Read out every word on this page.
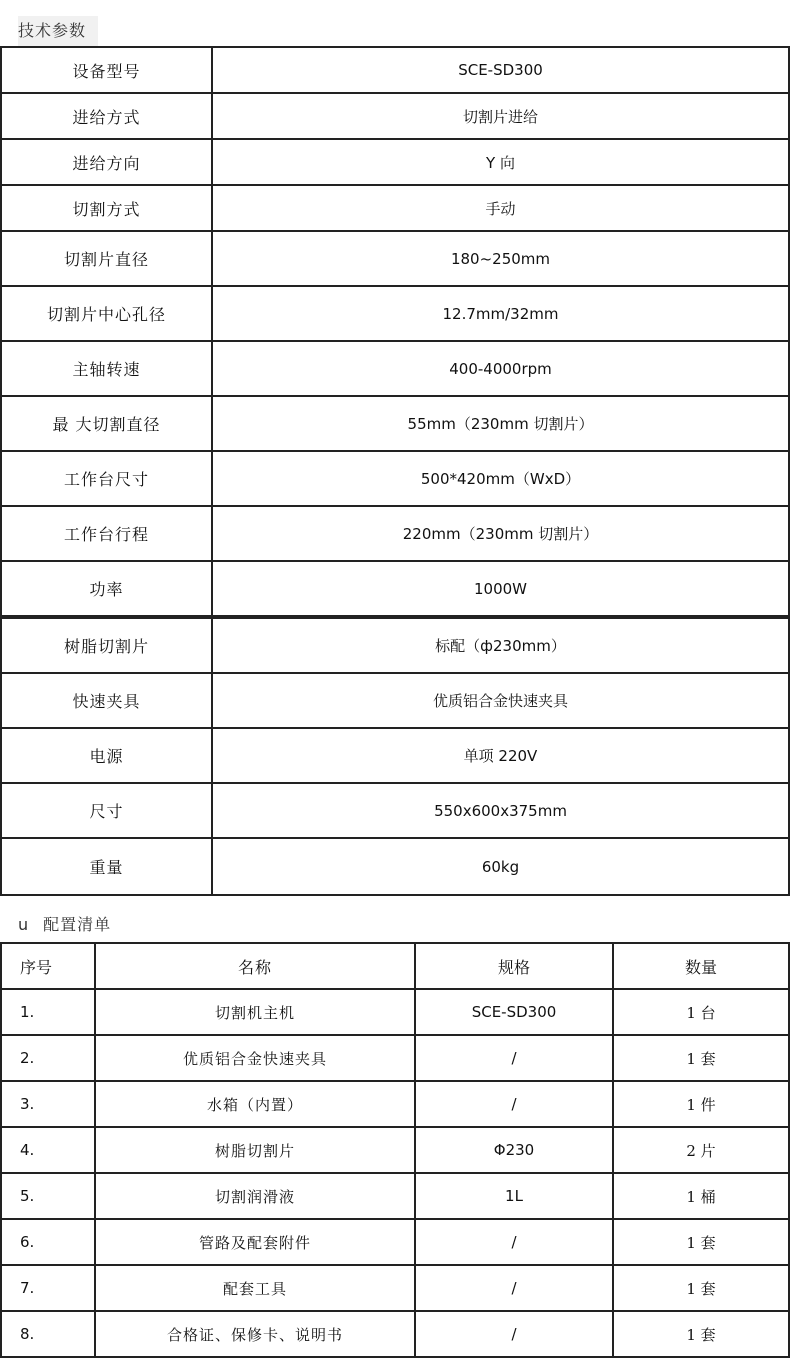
技术参数
设备型号	SCE-SD300
进给方式	切割片进给
进给方向	Y 向
切割方式	手动
切割片直径	180~250mm
切割片中心孔径	12.7mm/32mm
主轴转速	400-4000rpm
最 大切割直径	55mm（230mm 切割片）
工作台尺寸	500*420mm（WxD）
工作台行程	220mm（230mm 切割片）
功率	1000W
树脂切割片	标配（ф230mm）
快速夹具	优质铝合金快速夹具
电源	单项 220V
尺寸	550x600x375mm
重量	60kg
u 配置清单
序号	名称	规格	数量
1.	切割机主机	SCE-SD300	1 台
2.	优质铝合金快速夹具	/	1 套
3.	水箱（内置）	/	1 件
4.	树脂切割片	Φ230	2 片
5.	切割润滑液	1L	1 桶
6.	管路及配套附件	/	1 套
7.	配套工具	/	1 套
8.	合格证、保修卡、说明书	/	1 套
